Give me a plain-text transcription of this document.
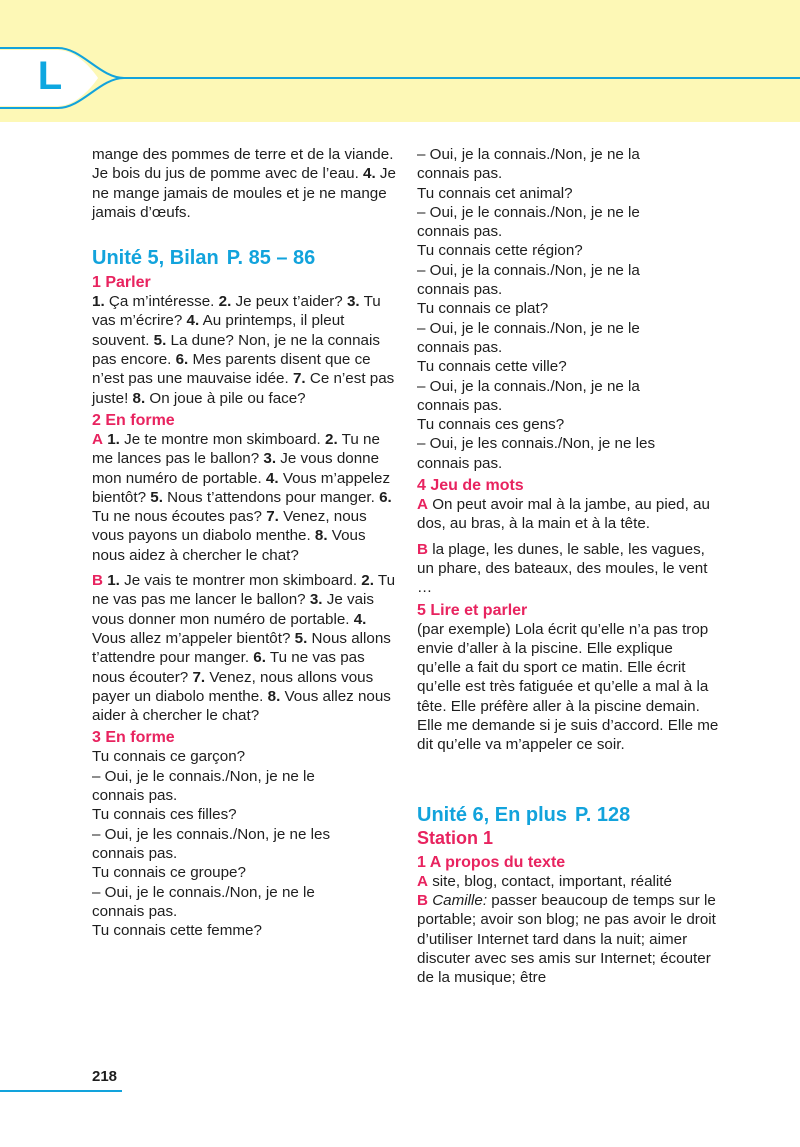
L

mange des pommes de terre et de la viande. Je bois du jus de pomme avec de l’eau. 4. Je ne mange jamais de moules et je ne mange jamais d’œufs.

Unité 5, Bilan P. 85 – 86
1 Parler

1. Ça m’intéresse. 2. Je peux t’aider? 3. Tu vas m’écrire? 4. Au printemps, il pleut souvent. 5. La dune? Non, je ne la connais pas encore. 6. Mes parents disent que ce n’est pas une mauvaise idée. 7. Ce n’est pas juste! 8. On joue à pile ou face?

2 En forme

A 1. Je te montre mon skimboard. 2. Tu ne me lances pas le ballon? 3. Je vous donne mon numéro de portable. 4. Vous m’appelez bientôt? 5. Nous t’attendons pour manger. 6. Tu ne nous écoutes pas? 7. Venez, nous vous payons un diabolo menthe. 8. Vous nous aidez à chercher le chat?

B 1. Je vais te montrer mon skimboard. 2. Tu ne vas pas me lancer le ballon? 3. Je vais vous donner mon numéro de portable. 4. Vous allez m’appeler bientôt? 5. Nous allons t’attendre pour manger. 6. Tu ne vas pas nous écouter? 7. Venez, nous allons vous payer un diabolo menthe. 8. Vous allez nous aider à chercher le chat?

3 En forme

Tu connais ce garçon?

– Oui, je le connais./Non, je ne le

connais pas.

Tu connais ces filles?

– Oui, je les connais./Non, je ne les

connais pas.

Tu connais ce groupe?

– Oui, je le connais./Non, je ne le

connais pas.

Tu connais cette femme?

– Oui, je la connais./Non, je ne la

connais pas.

Tu connais cet animal?

– Oui, je le connais./Non, je ne le

connais pas.

Tu connais cette région?

– Oui, je la connais./Non, je ne la

connais pas.

Tu connais ce plat?

– Oui, je le connais./Non, je ne le

connais pas.

Tu connais cette ville?

– Oui, je la connais./Non, je ne la

connais pas.

Tu connais ces gens?

– Oui, je les connais./Non, je ne les

connais pas.

4 Jeu de mots

A On peut avoir mal à la jambe, au pied, au dos, au bras, à la main et à la tête.

B la plage, les dunes, le sable, les vagues, un phare, des bateaux, des moules, le vent …

5 Lire et parler

(par exemple) Lola écrit qu’elle n’a pas trop envie d’aller à la piscine. Elle explique qu’elle a fait du sport ce matin. Elle écrit qu’elle est très fatiguée et qu’elle a mal à la tête. Elle préfère aller à la piscine demain. Elle me demande si je suis d’accord. Elle me dit qu’elle va m’appeler ce soir.

Unité 6, En plus P. 128
Station 1
1 A propos du texte

A site, blog, contact, important, réalité

B Camille: passer beaucoup de temps sur le portable; avoir son blog; ne pas avoir le droit d’utiliser Internet tard dans la nuit; aimer discuter avec ses amis sur Internet; écouter de la musique; être

218
